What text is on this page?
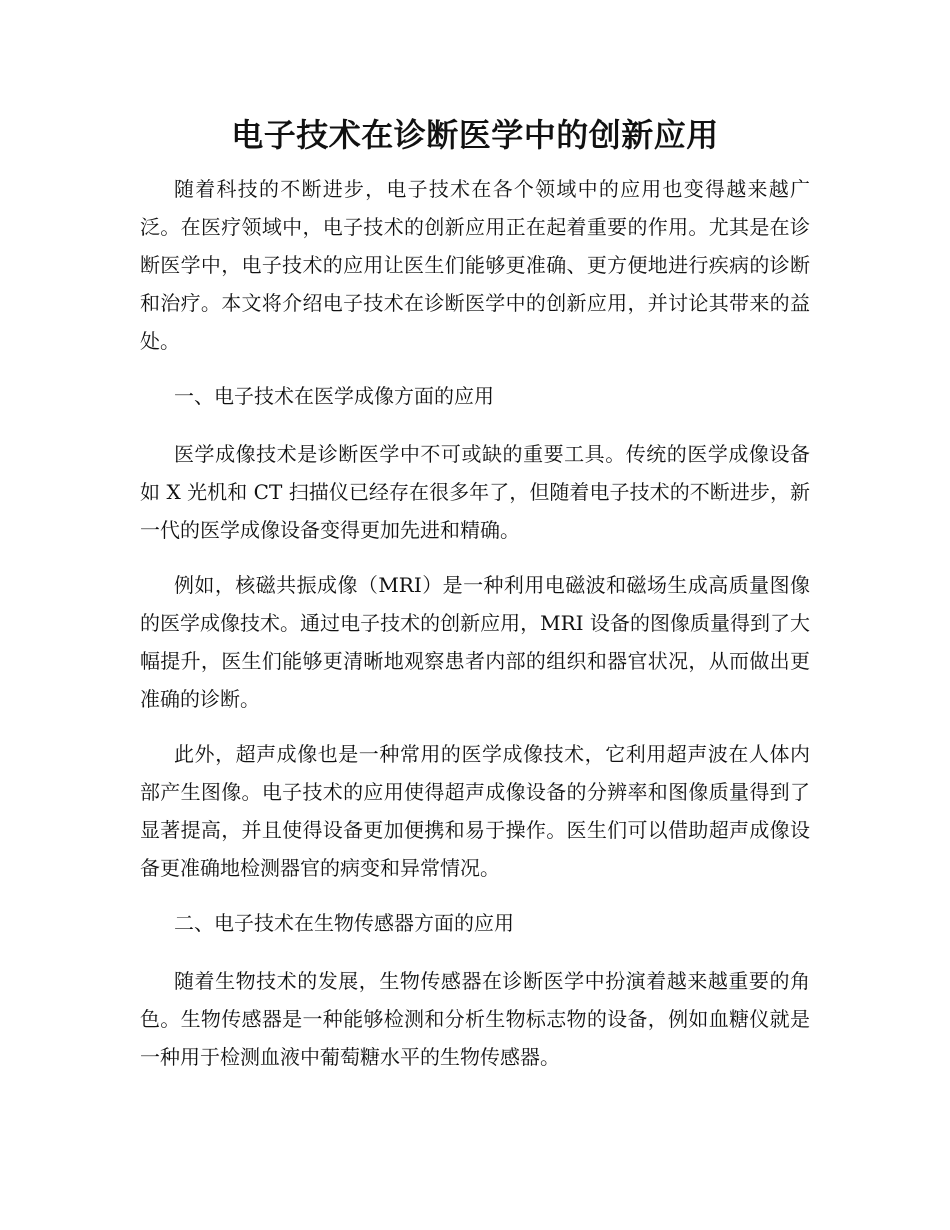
电子技术在诊断医学中的创新应用

随着科技的不断进步，电子技术在各个领域中的应用也变得越来越广泛。在医疗领域中，电子技术的创新应用正在起着重要的作用。尤其是在诊断医学中，电子技术的应用让医生们能够更准确、更方便地进行疾病的诊断和治疗。本文将介绍电子技术在诊断医学中的创新应用，并讨论其带来的益处。

一、电子技术在医学成像方面的应用

医学成像技术是诊断医学中不可或缺的重要工具。传统的医学成像设备如 X 光机和 CT 扫描仪已经存在很多年了，但随着电子技术的不断进步，新一代的医学成像设备变得更加先进和精确。

例如，核磁共振成像（MRI）是一种利用电磁波和磁场生成高质量图像的医学成像技术。通过电子技术的创新应用，MRI 设备的图像质量得到了大幅提升，医生们能够更清晰地观察患者内部的组织和器官状况，从而做出更准确的诊断。

此外，超声成像也是一种常用的医学成像技术，它利用超声波在人体内部产生图像。电子技术的应用使得超声成像设备的分辨率和图像质量得到了显著提高，并且使得设备更加便携和易于操作。医生们可以借助超声成像设备更准确地检测器官的病变和异常情况。

二、电子技术在生物传感器方面的应用

随着生物技术的发展，生物传感器在诊断医学中扮演着越来越重要的角色。生物传感器是一种能够检测和分析生物标志物的设备，例如血糖仪就是一种用于检测血液中葡萄糖水平的生物传感器。
